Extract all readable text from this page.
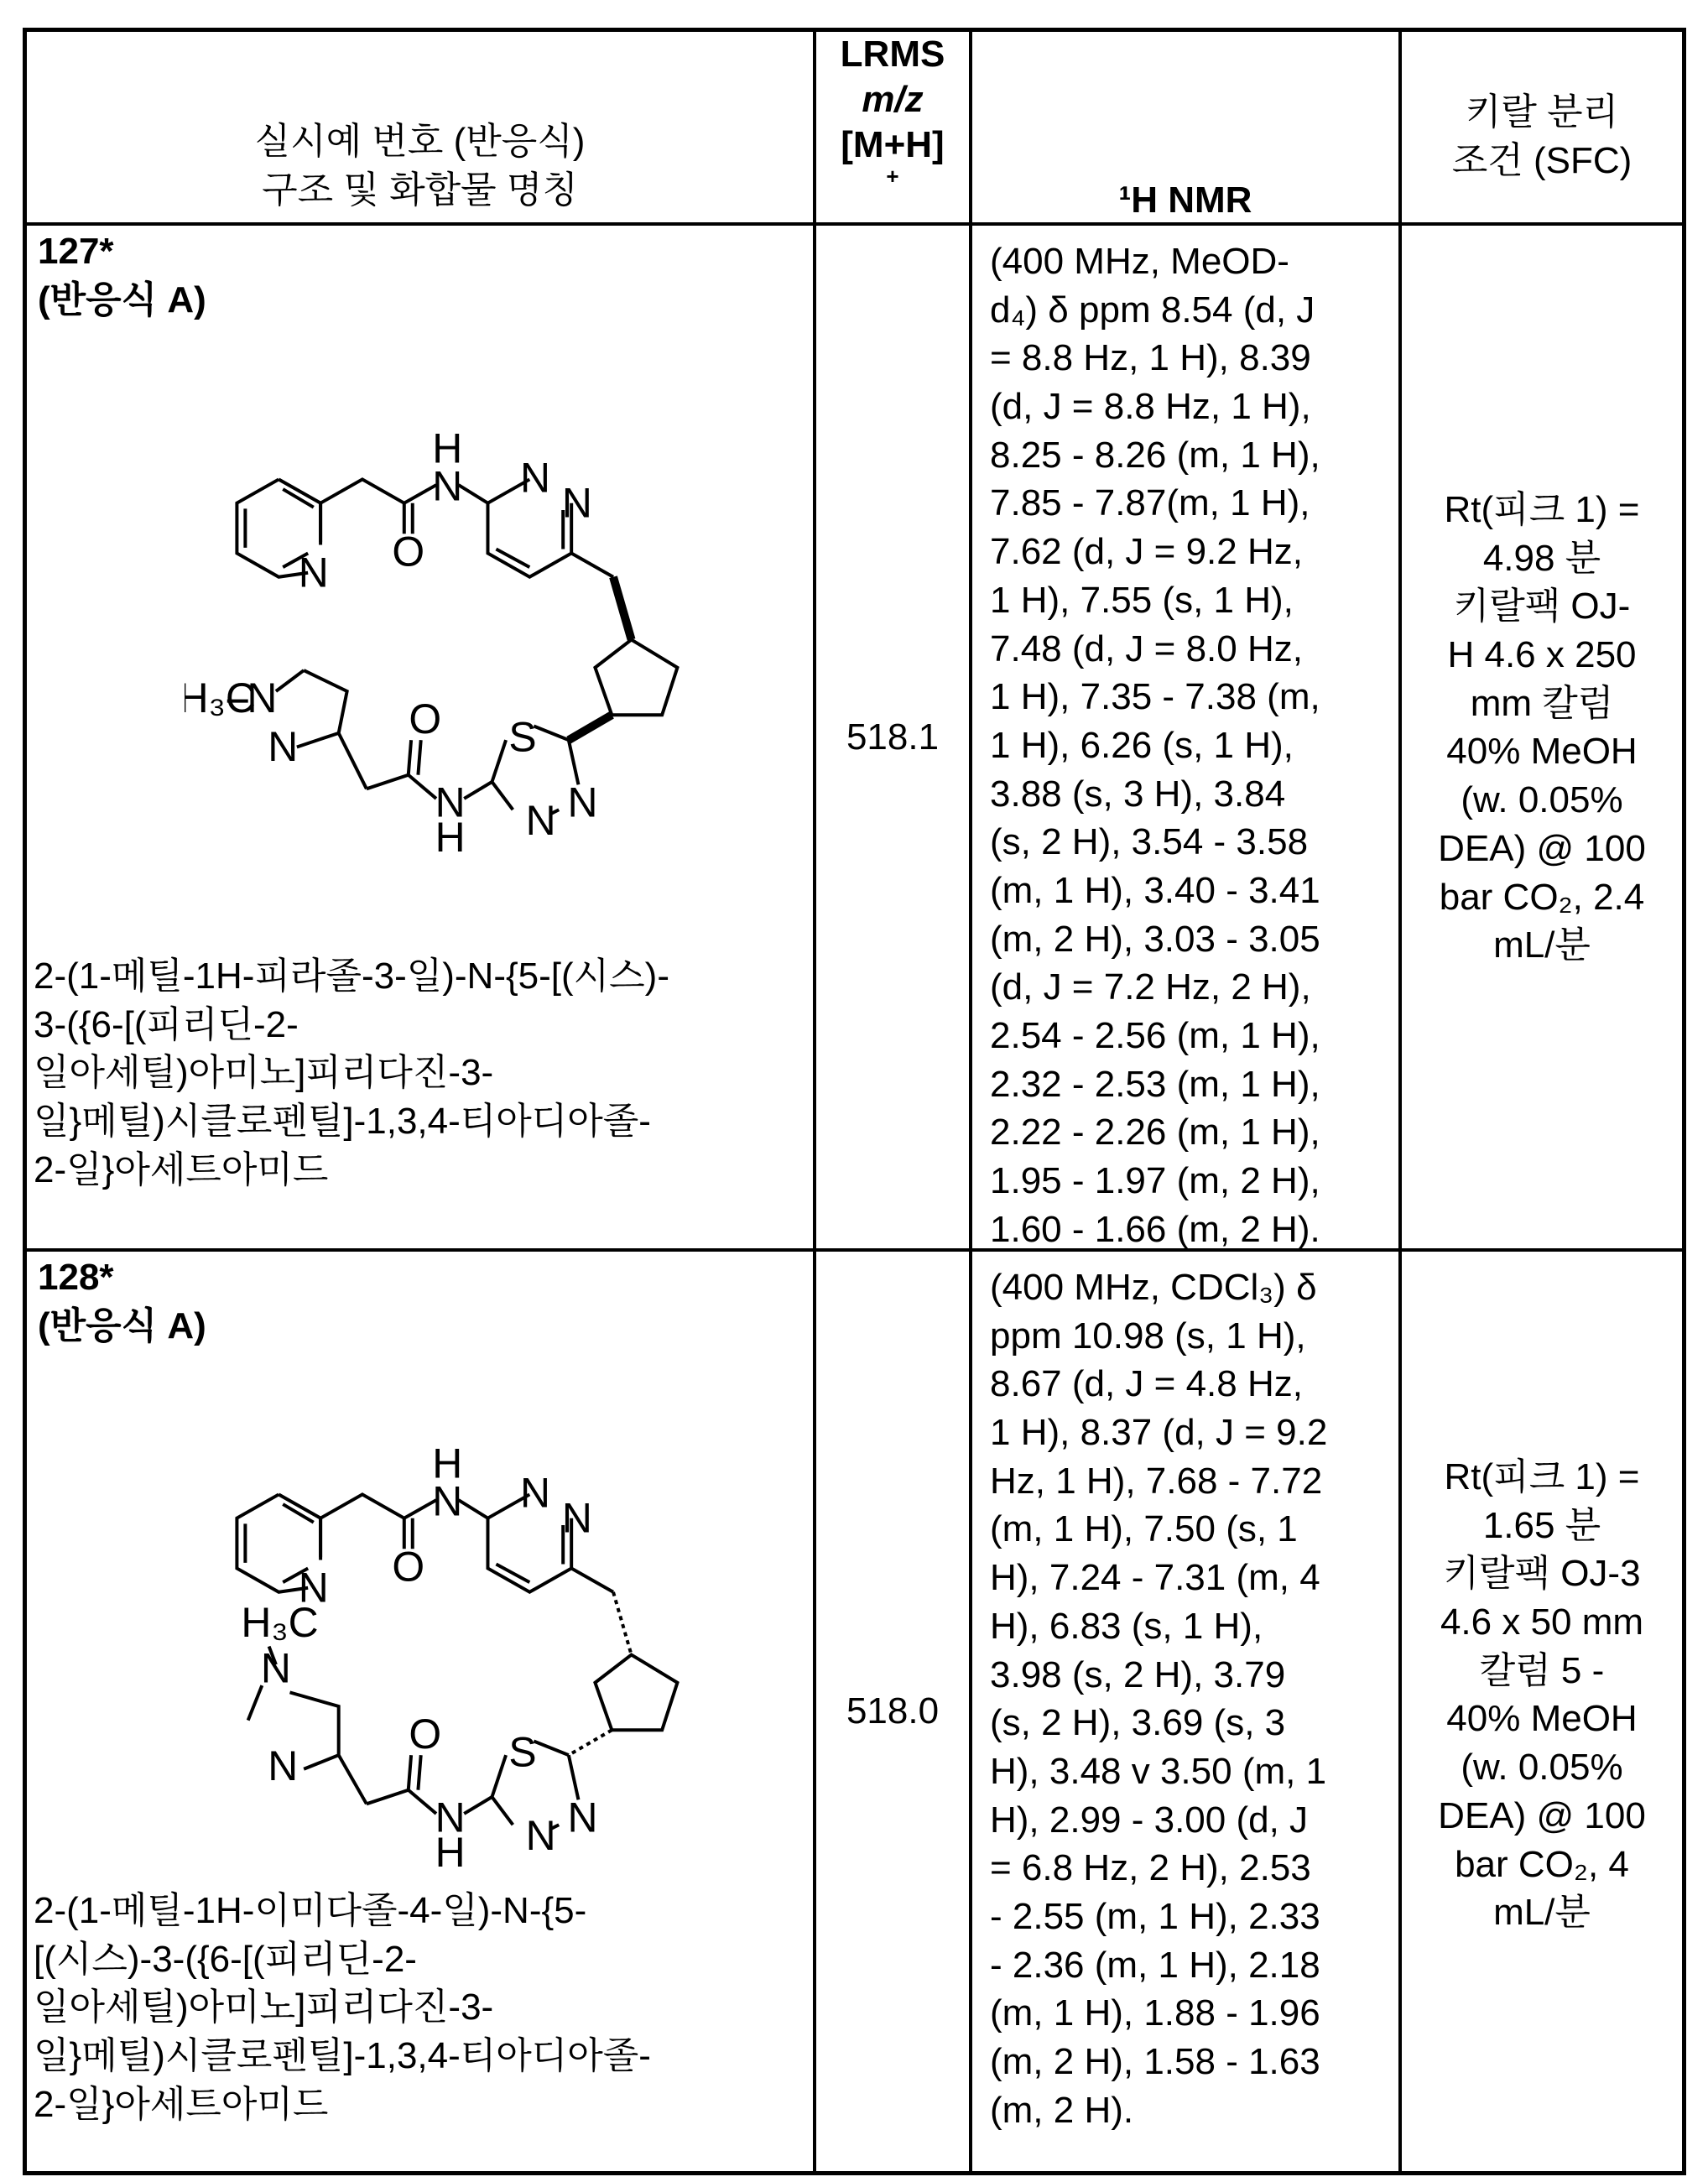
실시예 번호 (반응식)
구조 및 화합물 명칭
LRMS
m/z
[M+H]
+
¹H NMR
키랄 분리
조건 (SFC)
127*
(반응식 A)
N	O
H
N N
N
S
N
N
N
H
O
N
N
H₃C
2-(1-메틸-1H-피라졸-3-일)-N-{5-[(시스)-
3-({6-[(피리딘-2-
일아세틸)아미노]피리다진-3-
일}메틸)시클로펜틸]-1,3,4-티아디아졸-
2-일}아세트아미드
518.1
(400 MHz, MeOD-
d₄) δ ppm 8.54 (d, J
= 8.8 Hz, 1 H), 8.39
(d, J = 8.8 Hz, 1 H),
8.25 - 8.26 (m, 1 H),
7.85 - 7.87(m, 1 H),
7.62 (d, J = 9.2 Hz,
1 H), 7.55 (s, 1 H),
7.48 (d, J = 8.0 Hz,
1 H), 7.35 - 7.38 (m,
1 H), 6.26 (s, 1 H),
3.88 (s, 3 H), 3.84
(s, 2 H), 3.54 - 3.58
(m, 1 H), 3.40 - 3.41
(m, 2 H), 3.03 - 3.05
(d, J = 7.2 Hz, 2 H),
2.54 - 2.56 (m, 1 H),
2.32 - 2.53 (m, 1 H),
2.22 - 2.26 (m, 1 H),
1.95 - 1.97 (m, 2 H),
1.60 - 1.66 (m, 2 H).
Rt(피크 1) =
4.98 분
키랄팩 OJ-
H 4.6 x 250
mm 칼럼
40% MeOH
(w. 0.05%
DEA) @ 100
bar CO₂, 2.4
mL/분
128*
(반응식 A)
N	O
H
N N
N
S
N
N
N
H
O
N
N
H₃C
2-(1-메틸-1H-이미다졸-4-일)-N-{5-
[(시스)-3-({6-[(피리딘-2-
일아세틸)아미노]피리다진-3-
일}메틸)시클로펜틸]-1,3,4-티아디아졸-
2-일}아세트아미드
518.0
(400 MHz, CDCl₃) δ
ppm 10.98 (s, 1 H),
8.67 (d, J = 4.8 Hz,
1 H), 8.37 (d, J = 9.2
Hz, 1 H), 7.68 - 7.72
(m, 1 H), 7.50 (s, 1
H), 7.24 - 7.31 (m, 4
H), 6.83 (s, 1 H),
3.98 (s, 2 H), 3.79
(s, 2 H), 3.69 (s, 3
H), 3.48 v 3.50 (m, 1
H), 2.99 - 3.00 (d, J
= 6.8 Hz, 2 H), 2.53
- 2.55 (m, 1 H), 2.33
- 2.36 (m, 1 H), 2.18
(m, 1 H), 1.88 - 1.96
(m, 2 H), 1.58 - 1.63
(m, 2 H).
Rt(피크 1) =
1.65 분
키랄팩 OJ-3
4.6 x 50 mm
칼럼 5 -
40% MeOH
(w. 0.05%
DEA) @ 100
bar CO₂, 4
mL/분
